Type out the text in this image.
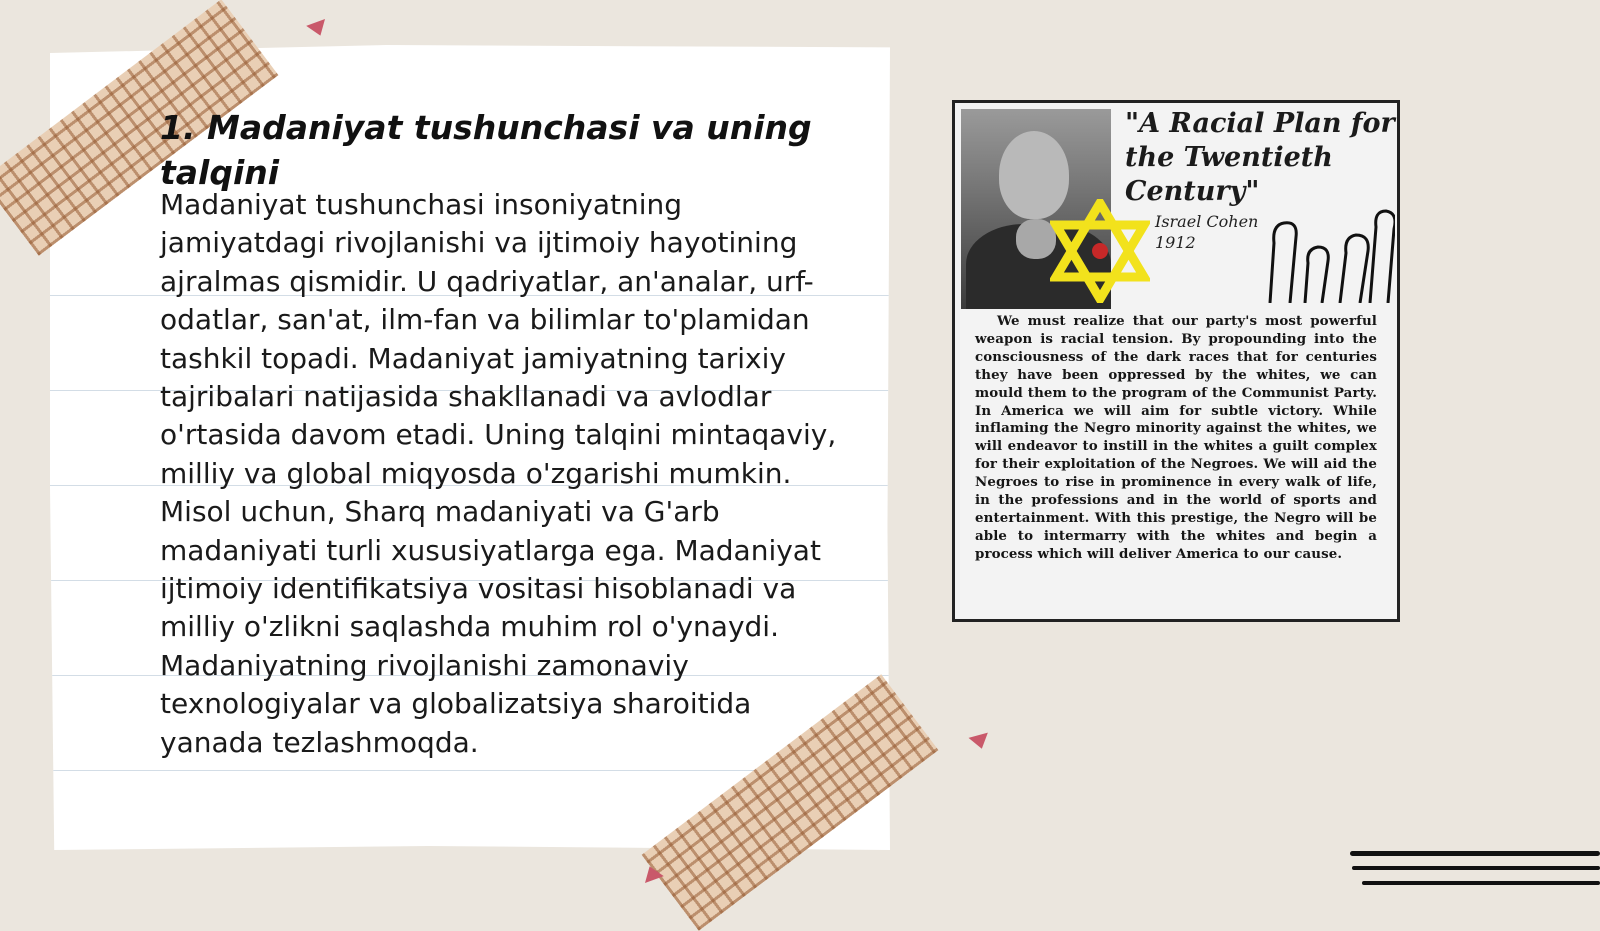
1. Madaniyat tushunchasi va uning talqini

Madaniyat tushunchasi insoniyatning jamiyatdagi rivojlanishi va ijtimoiy hayotining ajralmas qismidir. U qadriyatlar, an'analar, urf-odatlar, san'at, ilm-fan va bilimlar to'plamidan tashkil topadi. Madaniyat jamiyatning tarixiy tajribalari natijasida shakllanadi va avlodlar o'rtasida davom etadi. Uning talqini mintaqaviy, milliy va global miqyosda o'zgarishi mumkin. Misol uchun, Sharq madaniyati va G'arb madaniyati turli xususiyatlarga ega. Madaniyat ijtimoiy identifikatsiya vositasi hisoblanadi va milliy o'zlikni saqlashda muhim rol o'ynaydi. Madaniyatning rivojlanishi zamonaviy texnologiyalar va globalizatsiya sharoitida yanada tezlashmoqda.

"A Racial Plan for the Twentieth Century"
Israel Cohen
1912

We must realize that our party's most powerful weapon is racial tension. By propounding into the consciousness of the dark races that for centuries they have been oppressed by the whites, we can mould them to the program of the Communist Party. In America we will aim for subtle victory. While inflaming the Negro minority against the whites, we will endeavor to instill in the whites a guilt complex for their exploitation of the Negroes. We will aid the Negroes to rise in prominence in every walk of life, in the professions and in the world of sports and entertainment. With this prestige, the Negro will be able to intermarry with the whites and begin a process which will deliver America to our cause.
